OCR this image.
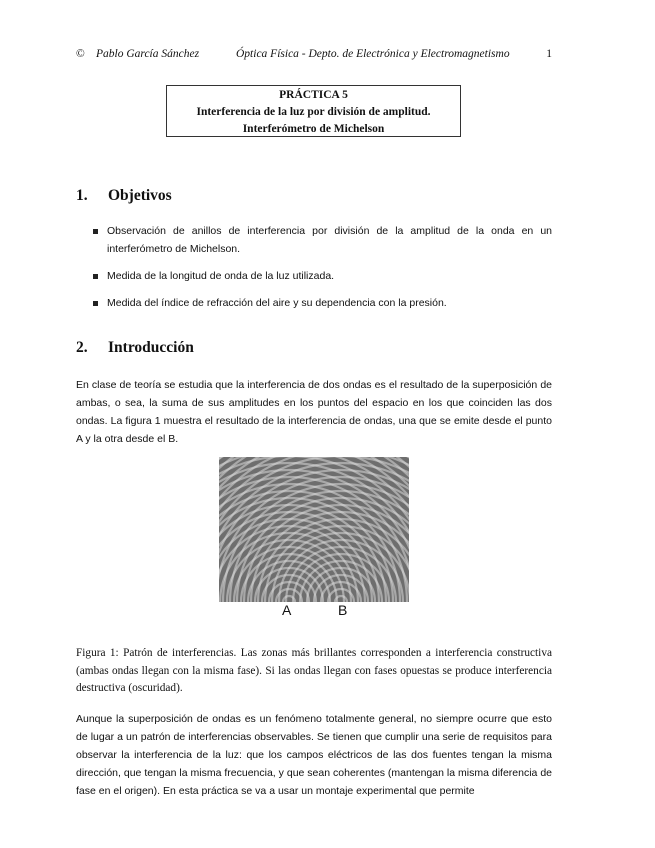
© Pablo García Sánchez	Óptica Física - Depto. de Electrónica y Electromagnetismo	1
PRÁCTICA 5
Interferencia de la luz por división de amplitud.
Interferómetro de Michelson
1. Objetivos
Observación de anillos de interferencia por división de la amplitud de la onda en un interferómetro de Michelson.
Medida de la longitud de onda de la luz utilizada.
Medida del índice de refracción del aire y su dependencia con la presión.
2. Introducción
En clase de teoría se estudia que la interferencia de dos ondas es el resultado de la superposición de ambas, o sea, la suma de sus amplitudes en los puntos del espacio en los que coinciden las dos ondas. La figura 1 muestra el resultado de la interferencia de ondas, una que se emite desde el punto A y la otra desde el B.
A	B
Figura 1: Patrón de interferencias. Las zonas más brillantes corresponden a interferencia constructiva (ambas ondas llegan con la misma fase). Si las ondas llegan con fases opuestas se produce interferencia destructiva (oscuridad).
Aunque la superposición de ondas es un fenómeno totalmente general, no siempre ocurre que esto de lugar a un patrón de interferencias observables. Se tienen que cumplir una serie de requisitos para observar la interferencia de la luz: que los campos eléctricos de las dos fuentes tengan la misma dirección, que tengan la misma frecuencia, y que sean coherentes (mantengan la misma diferencia de fase en el origen). En esta práctica se va a usar un montaje experimental que permite
